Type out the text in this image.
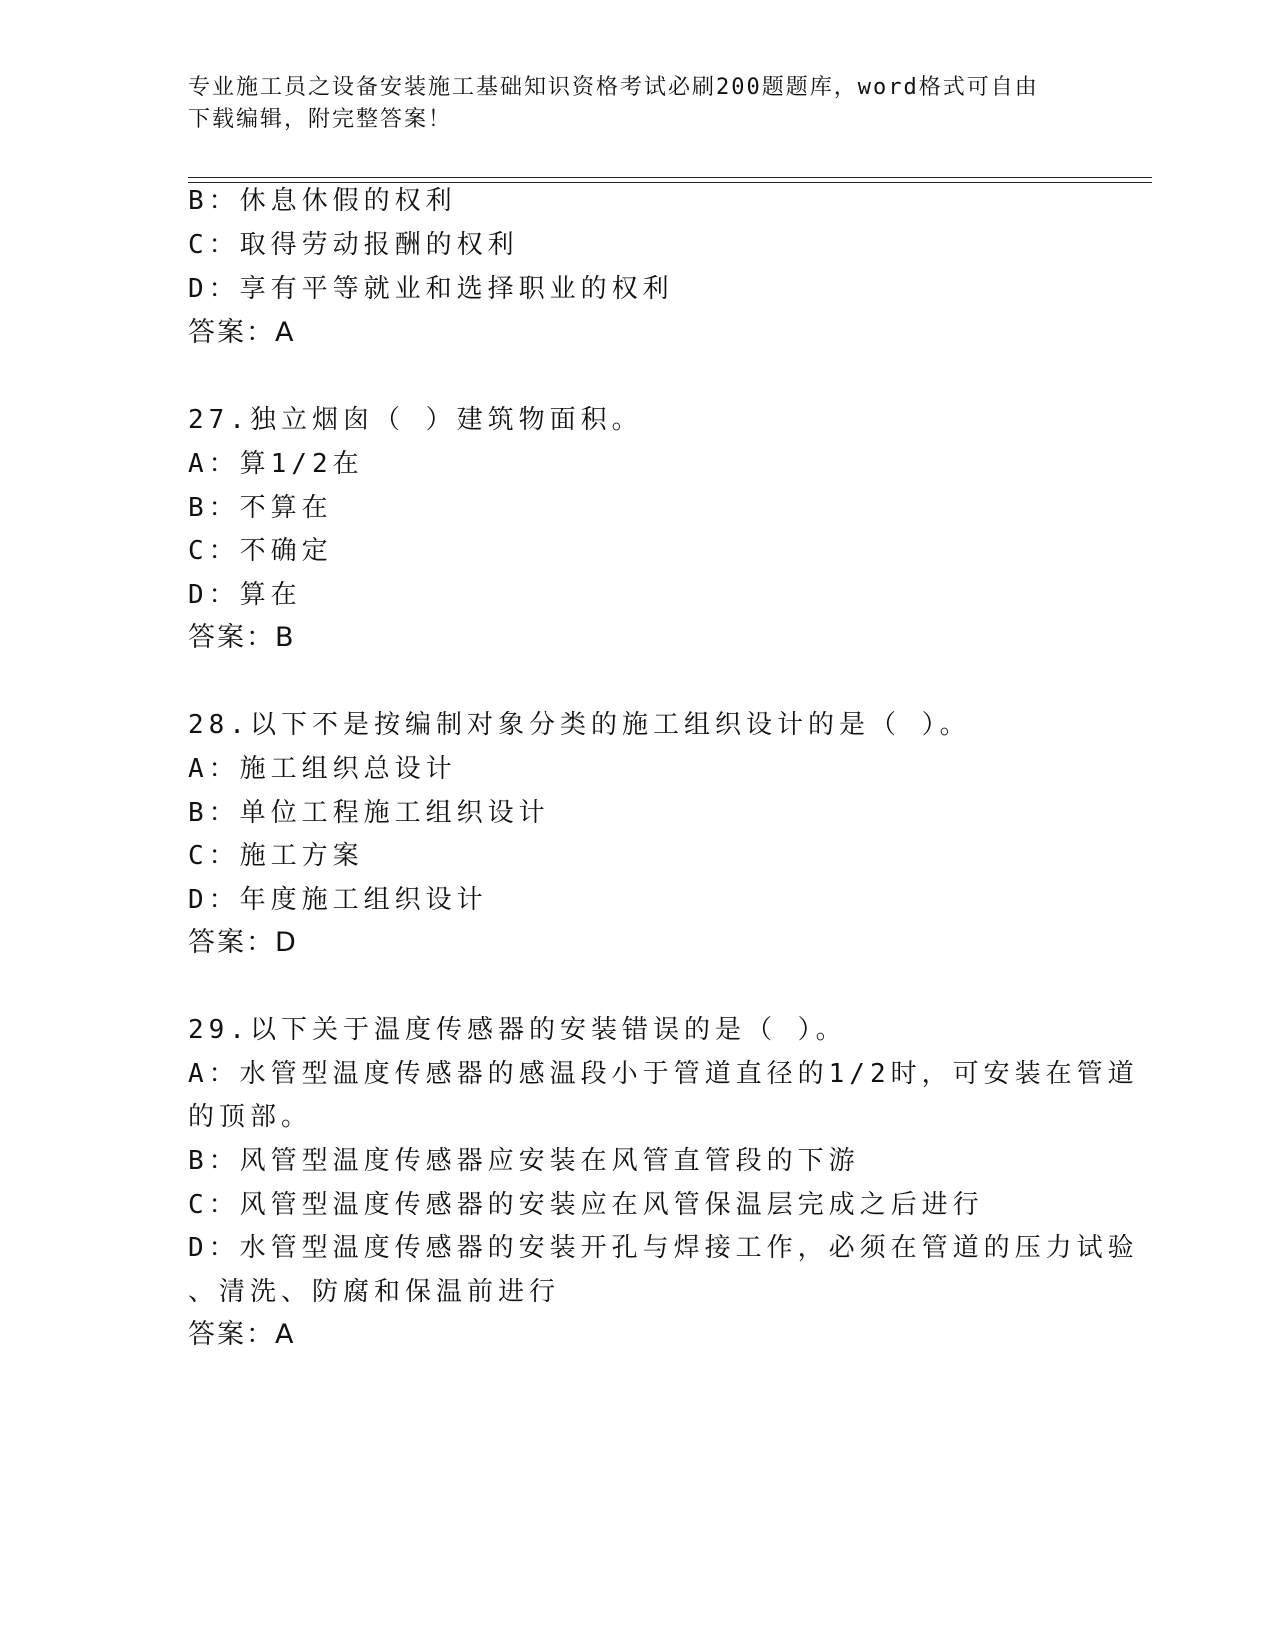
专业施工员之设备安装施工基础知识资格考试必刷200题题库，word格式可自由
下载编辑，附完整答案！
B：休息休假的权利
C：取得劳动报酬的权利
D：享有平等就业和选择职业的权利
答案：A
27.独立烟囱（ ）建筑物面积。
A：算1/2在
B：不算在
C：不确定
D：算在
答案：B
28.以下不是按编制对象分类的施工组织设计的是（ ）。
A：施工组织总设计
B：单位工程施工组织设计
C：施工方案
D：年度施工组织设计
答案：D
29.以下关于温度传感器的安装错误的是（ ）。
A：水管型温度传感器的感温段小于管道直径的1/2时，可安装在管道
的顶部。
B：风管型温度传感器应安装在风管直管段的下游
C：风管型温度传感器的安装应在风管保温层完成之后进行
D：水管型温度传感器的安装开孔与焊接工作，必须在管道的压力试验
、清洗、防腐和保温前进行
答案：A
